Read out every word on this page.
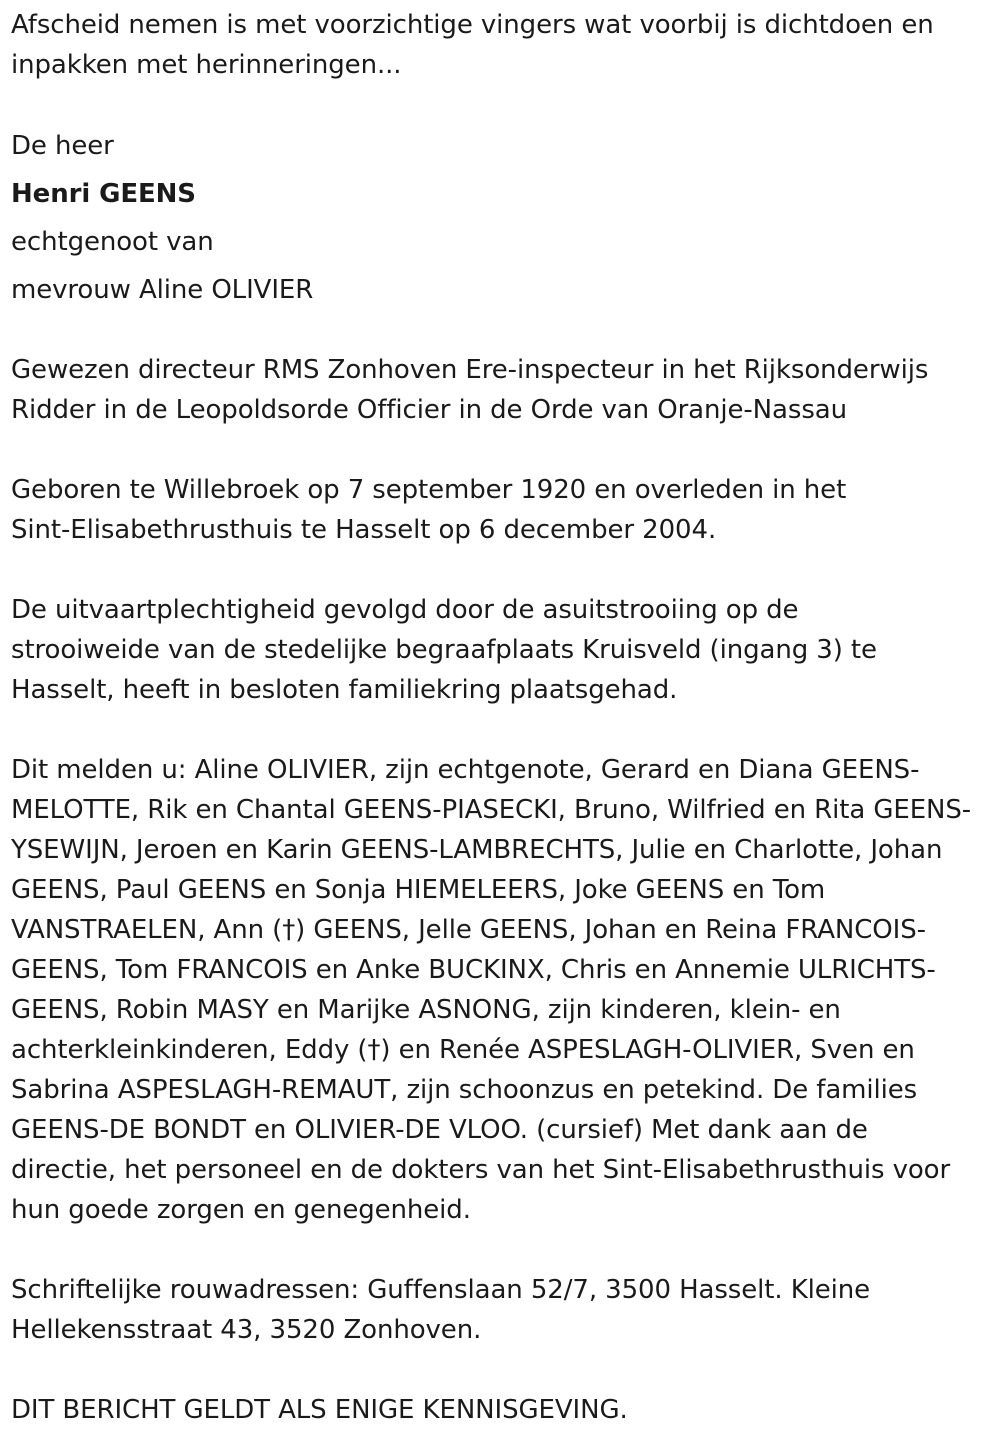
Afscheid nemen is met voorzichtige vingers wat voorbij is dichtdoen en

inpakken met herinneringen...

De heer

Henri GEENS

echtgenoot van

mevrouw Aline OLIVIER

Gewezen directeur RMS Zonhoven Ere-inspecteur in het Rijksonderwijs

Ridder in de Leopoldsorde Officier in de Orde van Oranje-Nassau

Geboren te Willebroek op 7 september 1920 en overleden in het

Sint-Elisabethrusthuis te Hasselt op 6 december 2004.

De uitvaartplechtigheid gevolgd door de asuitstrooiing op de

strooiweide van de stedelijke begraafplaats Kruisveld (ingang 3) te

Hasselt, heeft in besloten familiekring plaatsgehad.

Dit melden u: Aline OLIVIER, zijn echtgenote, Gerard en Diana GEENS-

MELOTTE, Rik en Chantal GEENS-PIASECKI, Bruno, Wilfried en Rita GEENS-

YSEWIJN, Jeroen en Karin GEENS-LAMBRECHTS, Julie en Charlotte, Johan

GEENS, Paul GEENS en Sonja HIEMELEERS, Joke GEENS en Tom

VANSTRAELEN, Ann (†) GEENS, Jelle GEENS, Johan en Reina FRANCOIS-

GEENS, Tom FRANCOIS en Anke BUCKINX, Chris en Annemie ULRICHTS-

GEENS, Robin MASY en Marijke ASNONG, zijn kinderen, klein- en

achterkleinkinderen, Eddy (†) en Renée ASPESLAGH-OLIVIER, Sven en

Sabrina ASPESLAGH-REMAUT, zijn schoonzus en petekind. De families

GEENS-DE BONDT en OLIVIER-DE VLOO. (cursief) Met dank aan de

directie, het personeel en de dokters van het Sint-Elisabethrusthuis voor

hun goede zorgen en genegenheid.

Schriftelijke rouwadressen: Guffenslaan 52/7, 3500 Hasselt. Kleine

Hellekensstraat 43, 3520 Zonhoven.

DIT BERICHT GELDT ALS ENIGE KENNISGEVING.
